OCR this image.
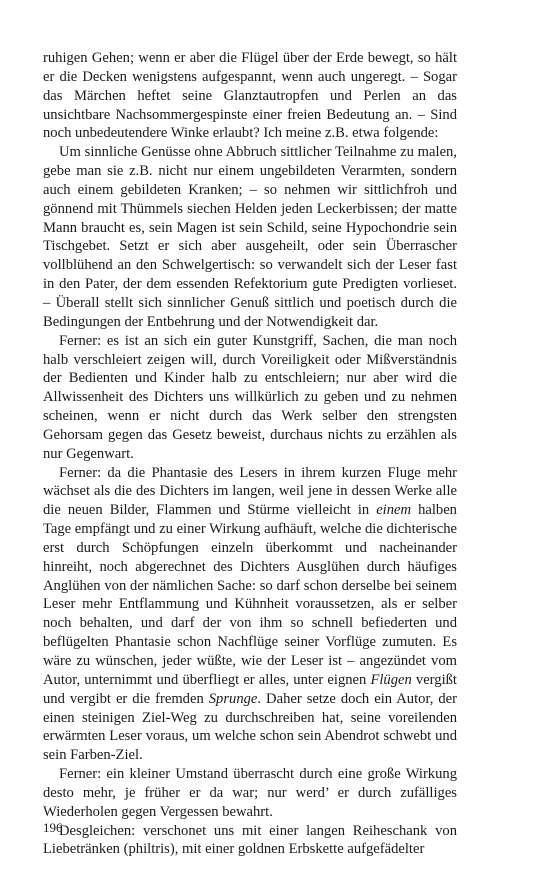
ruhigen Gehen; wenn er aber die Flügel über der Erde bewegt, so hält er die Decken wenigstens aufgespannt, wenn auch ungeregt. – Sogar das Märchen heftet seine Glanztautropfen und Perlen an das unsichtbare Nachsommergespinste einer freien Bedeutung an. – Sind noch unbedeutendere Winke erlaubt? Ich meine z.B. etwa folgende:

Um sinnliche Genüsse ohne Abbruch sittlicher Teilnahme zu malen, gebe man sie z.B. nicht nur einem ungebildeten Verarmten, sondern auch einem gebildeten Kranken; – so nehmen wir sittlichfroh und gönnend mit Thümmels siechen Helden jeden Leckerbissen; der matte Mann braucht es, sein Magen ist sein Schild, seine Hypochondrie sein Tischgebet. Setzt er sich aber ausgeheilt, oder sein Überrascher vollblühend an den Schwelgertisch: so verwandelt sich der Leser fast in den Pater, der dem essenden Refektorium gute Predigten vorlieset. – Überall stellt sich sinnlicher Genuß sittlich und poetisch durch die Bedingungen der Entbehrung und der Notwendigkeit dar.

Ferner: es ist an sich ein guter Kunstgriff, Sachen, die man noch halb verschleiert zeigen will, durch Voreiligkeit oder Mißverständnis der Bedienten und Kinder halb zu entschleiern; nur aber wird die Allwissenheit des Dichters uns willkürlich zu geben und zu nehmen scheinen, wenn er nicht durch das Werk selber den strengsten Gehorsam gegen das Gesetz beweist, durchaus nichts zu erzählen als nur Gegenwart.

Ferner: da die Phantasie des Lesers in ihrem kurzen Fluge mehr wächset als die des Dichters im langen, weil jene in dessen Werke alle die neuen Bilder, Flammen und Stürme vielleicht in einem halben Tage empfängt und zu einer Wirkung aufhäuft, welche die dichterische erst durch Schöpfungen einzeln überkommt und nacheinander hinreiht, noch abgerechnet des Dichters Ausglühen durch häufiges Anglühen von der nämlichen Sache: so darf schon derselbe bei seinem Leser mehr Entflammung und Kühnheit voraussetzen, als er selber noch behalten, und darf der von ihm so schnell befiederten und beflügelten Phantasie schon Nachflüge seiner Vorflüge zumuten. Es wäre zu wünschen, jeder wüßte, wie der Leser ist – angezündet vom Autor, unternimmt und überfliegt er alles, unter eignen Flügen vergißt und vergibt er die fremden Sprunge. Daher setze doch ein Autor, der einen steinigen Ziel-Weg zu durchschreiben hat, seine voreilenden erwärmten Leser voraus, um welche schon sein Abendrot schwebt und sein Farben-Ziel.

Ferner: ein kleiner Umstand überrascht durch eine große Wirkung desto mehr, je früher er da war; nur werd’ er durch zufälliges Wiederholen gegen Vergessen bewahrt.

Desgleichen: verschonet uns mit einer langen Reiheschank von Liebetränken (philtris), mit einer goldnen Erbskette aufgefädelter

196
